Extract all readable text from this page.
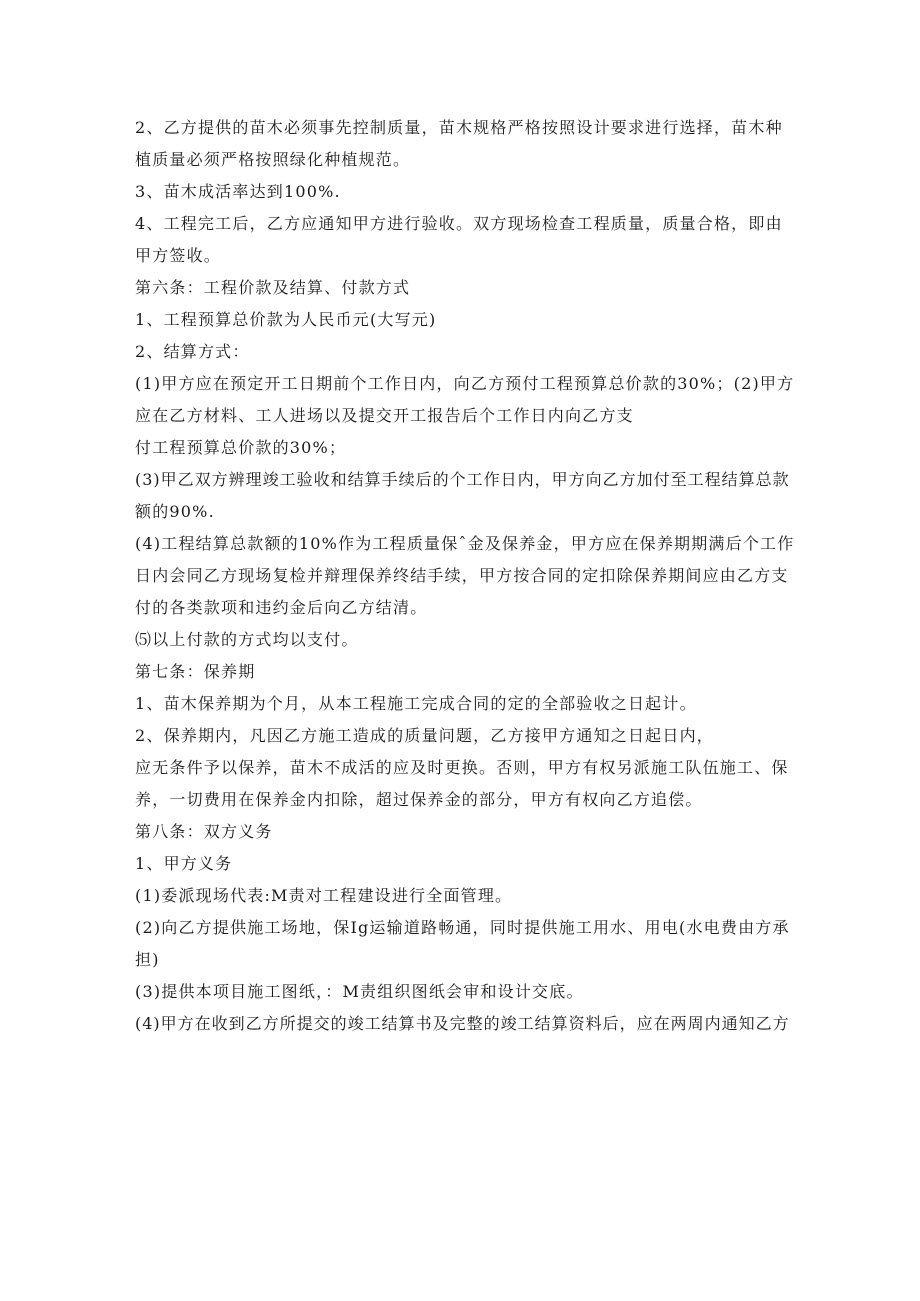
2、乙方提供的苗木必须事先控制质量，苗木规格严格按照设计要求进行选择，苗木种
植质量必须严格按照绿化种植规范。
3、苗木成活率达到100%.
4、工程完工后，乙方应通知甲方进行验收。双方现场检查工程质量，质量合格，即由
甲方签收。
第六条：工程价款及结算、付款方式
1、工程预算总价款为人民币元(大写元)
2、结算方式：
(1)甲方应在预定开工日期前个工作日内，向乙方预付工程预算总价款的30%；(2)甲方
应在乙方材料、工人进场以及提交开工报告后个工作日内向乙方支
付工程预算总价款的30%；
(3)甲乙双方辨理竣工验收和结算手续后的个工作日内，甲方向乙方加付至工程结算总款
额的90%.
(4)工程结算总款额的10%作为工程质量保ˆ金及保养金，甲方应在保养期期满后个工作
日内会同乙方现场复检并辩理保养终结手续，甲方按合同的定扣除保养期间应由乙方支
付的各类款项和违约金后向乙方结清。
⑸以上付款的方式均以支付。
第七条：保养期
1、苗木保养期为个月，从本工程施工完成合同的定的全部验收之日起计。
2、保养期内，凡因乙方施工造成的质量问题，乙方接甲方通知之日起日内，
应无条件予以保养，苗木不成活的应及时更换。否则，甲方有权另派施工队伍施工、保
养，一切费用在保养金内扣除，超过保养金的部分，甲方有权向乙方追偿。
第八条：双方义务
1、甲方义务
(1)委派现场代表:M责对工程建设进行全面管理。
(2)向乙方提供施工场地，保Ig运输道路畅通，同时提供施工用水、用电(水电费由方承
担)
(3)提供本项目施工图纸，：M责组织图纸会审和设计交底。
(4)甲方在收到乙方所提交的竣工结算书及完整的竣工结算资料后，应在两周内通知乙方
